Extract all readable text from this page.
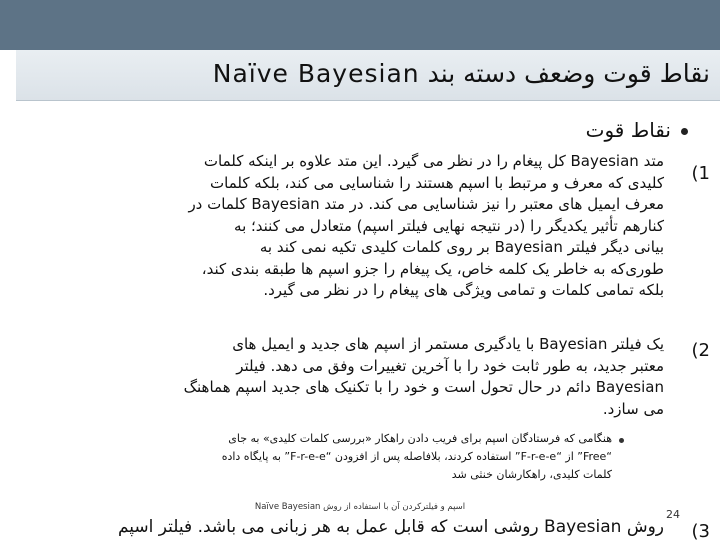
نقاط قوت وضعف دسته بند Naïve Bayesian
نقاط قوت
(1
متد Bayesian کل پیغام را در نظر می گیرد. این متد علاوه بر اینکه کلمات
کلیدی که معرف و مرتبط با اسپم هستند را شناسایی می کند، بلکه کلمات
معرف ایمیل های معتبر را نیز شناسایی می کند. در متد Bayesian کلمات در
کنارهم تأثیر یکدیگر را (در نتیجه نهایی فیلتر اسپم) متعادل می کنند؛ به
بیانی دیگر فیلتر Bayesian بر روی کلمات کلیدی تکیه نمی کند به
طوری‌که به خاطر یک کلمه خاص، یک پیغام را جزو اسپم ها طبقه بندی کند،
بلکه تمامی کلمات و تمامی ویژگی های پیغام را در نظر می گیرد.
(2
یک فیلتر Bayesian با یادگیری مستمر از اسپم های جدید و ایمیل های
معتبر جدید، به طور ثابت خود را با آخرین تغییرات وفق می دهد. فیلتر
Bayesian دائم در حال تحول است و خود را با تکنیک های جدید اسپم هماهنگ
می سازد.
هنگامی که فرستادگان اسپم برای فریب دادن راهکار «بررسی کلمات کلیدی» به جای
“Free” از “F-r-e-e” استفاده کردند، بلافاصله پس از افزودن “F-r-e-e” به پایگاه داده
کلمات کلیدی، راهکارشان خنثی شد
اسپم و فیلترکردن آن با استفاده از روش Naïve Bayesian
24
(3
روش Bayesian روشی است که قابل عمل به هر زبانی می باشد. فیلتر اسپم
